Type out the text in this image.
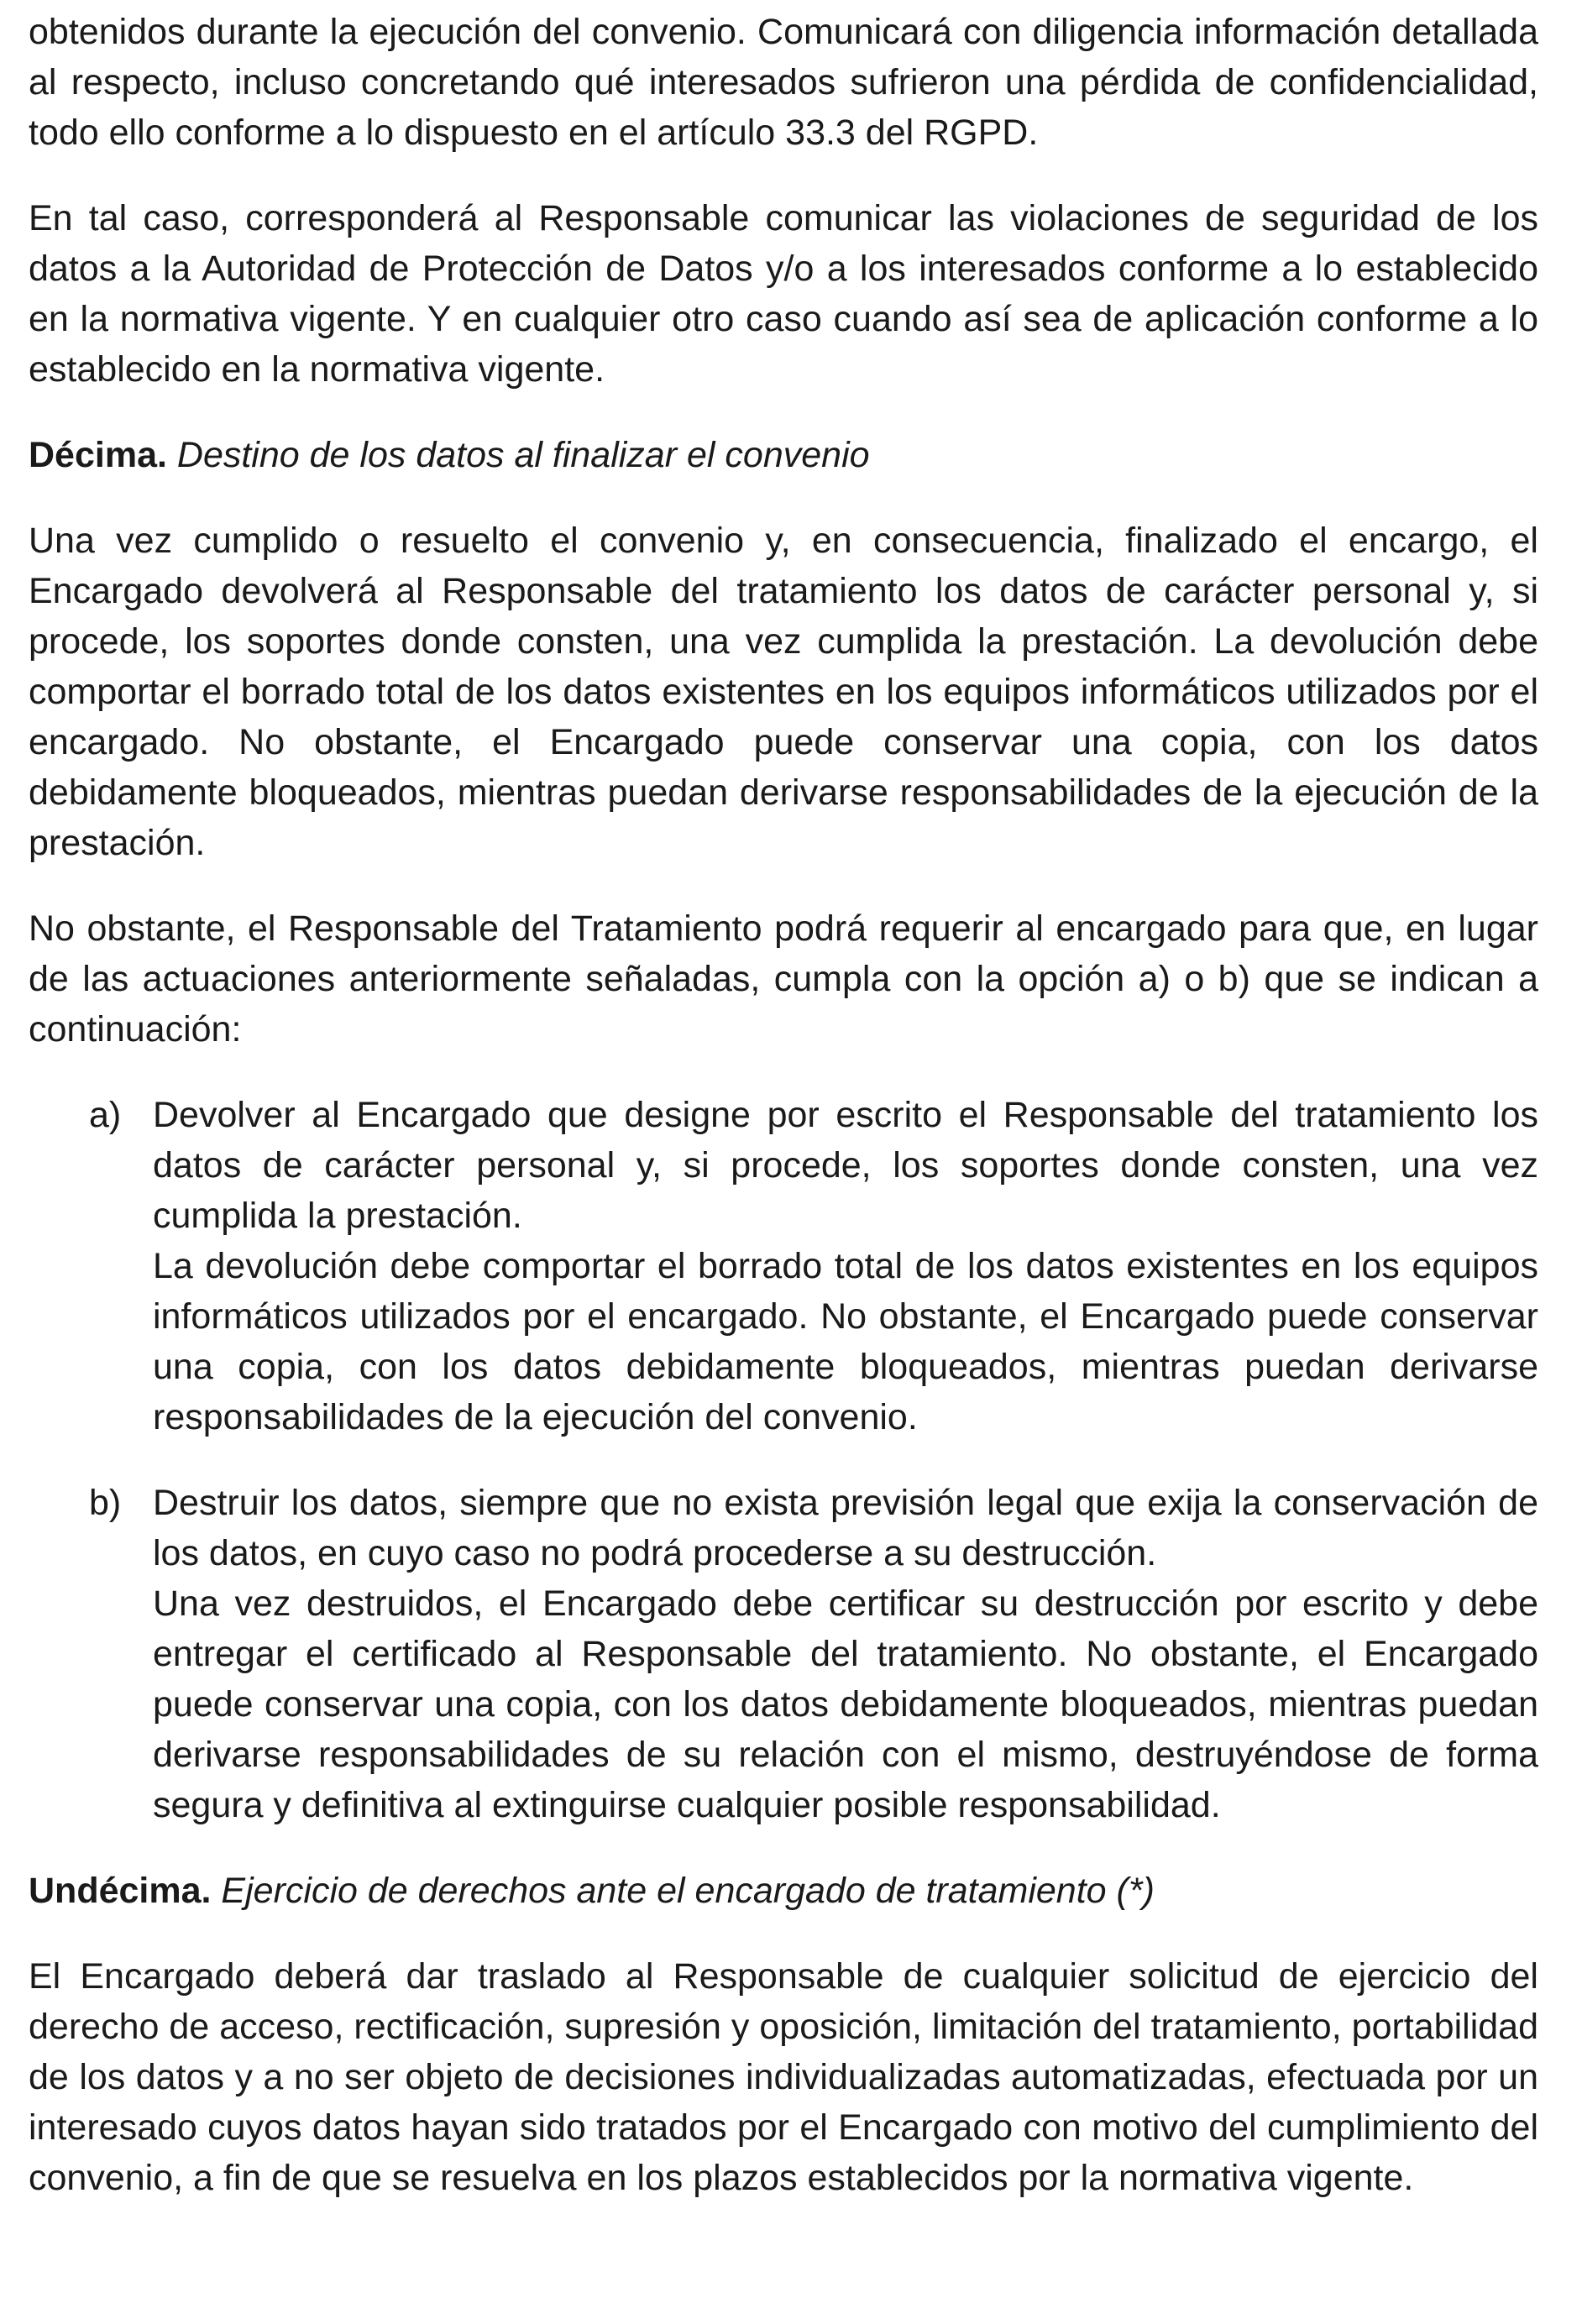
obtenidos durante la ejecución del convenio. Comunicará con diligencia información detallada al respecto, incluso concretando qué interesados sufrieron una pérdida de confidencialidad, todo ello conforme a lo dispuesto en el artículo 33.3 del RGPD.

En tal caso, corresponderá al Responsable comunicar las violaciones de seguridad de los datos a la Autoridad de Protección de Datos y/o a los interesados conforme a lo establecido en la normativa vigente. Y en cualquier otro caso cuando así sea de aplicación conforme a lo establecido en la normativa vigente.

Décima. Destino de los datos al finalizar el convenio

Una vez cumplido o resuelto el convenio y, en consecuencia, finalizado el encargo, el Encargado devolverá al Responsable del tratamiento los datos de carácter personal y, si procede, los soportes donde consten, una vez cumplida la prestación. La devolución debe comportar el borrado total de los datos existentes en los equipos informáticos utilizados por el encargado. No obstante, el Encargado puede conservar una copia, con los datos debidamente bloqueados, mientras puedan derivarse responsabilidades de la ejecución de la prestación.

No obstante, el Responsable del Tratamiento podrá requerir al encargado para que, en lugar de las actuaciones anteriormente señaladas, cumpla con la opción a) o b) que se indican a continuación:

a) Devolver al Encargado que designe por escrito el Responsable del tratamiento los datos de carácter personal y, si procede, los soportes donde consten, una vez cumplida la prestación.

La devolución debe comportar el borrado total de los datos existentes en los equipos informáticos utilizados por el encargado. No obstante, el Encargado puede conservar una copia, con los datos debidamente bloqueados, mientras puedan derivarse responsabilidades de la ejecución del convenio.

b) Destruir los datos, siempre que no exista previsión legal que exija la conservación de los datos, en cuyo caso no podrá procederse a su destrucción.

Una vez destruidos, el Encargado debe certificar su destrucción por escrito y debe entregar el certificado al Responsable del tratamiento. No obstante, el Encargado puede conservar una copia, con los datos debidamente bloqueados, mientras puedan derivarse responsabilidades de su relación con el mismo, destruyéndose de forma segura y definitiva al extinguirse cualquier posible responsabilidad.

Undécima. Ejercicio de derechos ante el encargado de tratamiento (*)

El Encargado deberá dar traslado al Responsable de cualquier solicitud de ejercicio del derecho de acceso, rectificación, supresión y oposición, limitación del tratamiento, portabilidad de los datos y a no ser objeto de decisiones individualizadas automatizadas, efectuada por un interesado cuyos datos hayan sido tratados por el Encargado con motivo del cumplimiento del convenio, a fin de que se resuelva en los plazos establecidos por la normativa vigente.
